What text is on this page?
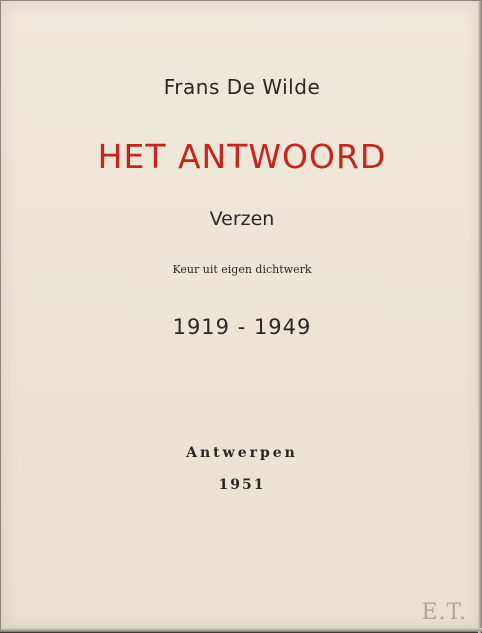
Frans De Wilde
HET ANTWOORD
Verzen
Keur uit eigen dichtwerk
1919 - 1949
Antwerpen
1951
E.T.
